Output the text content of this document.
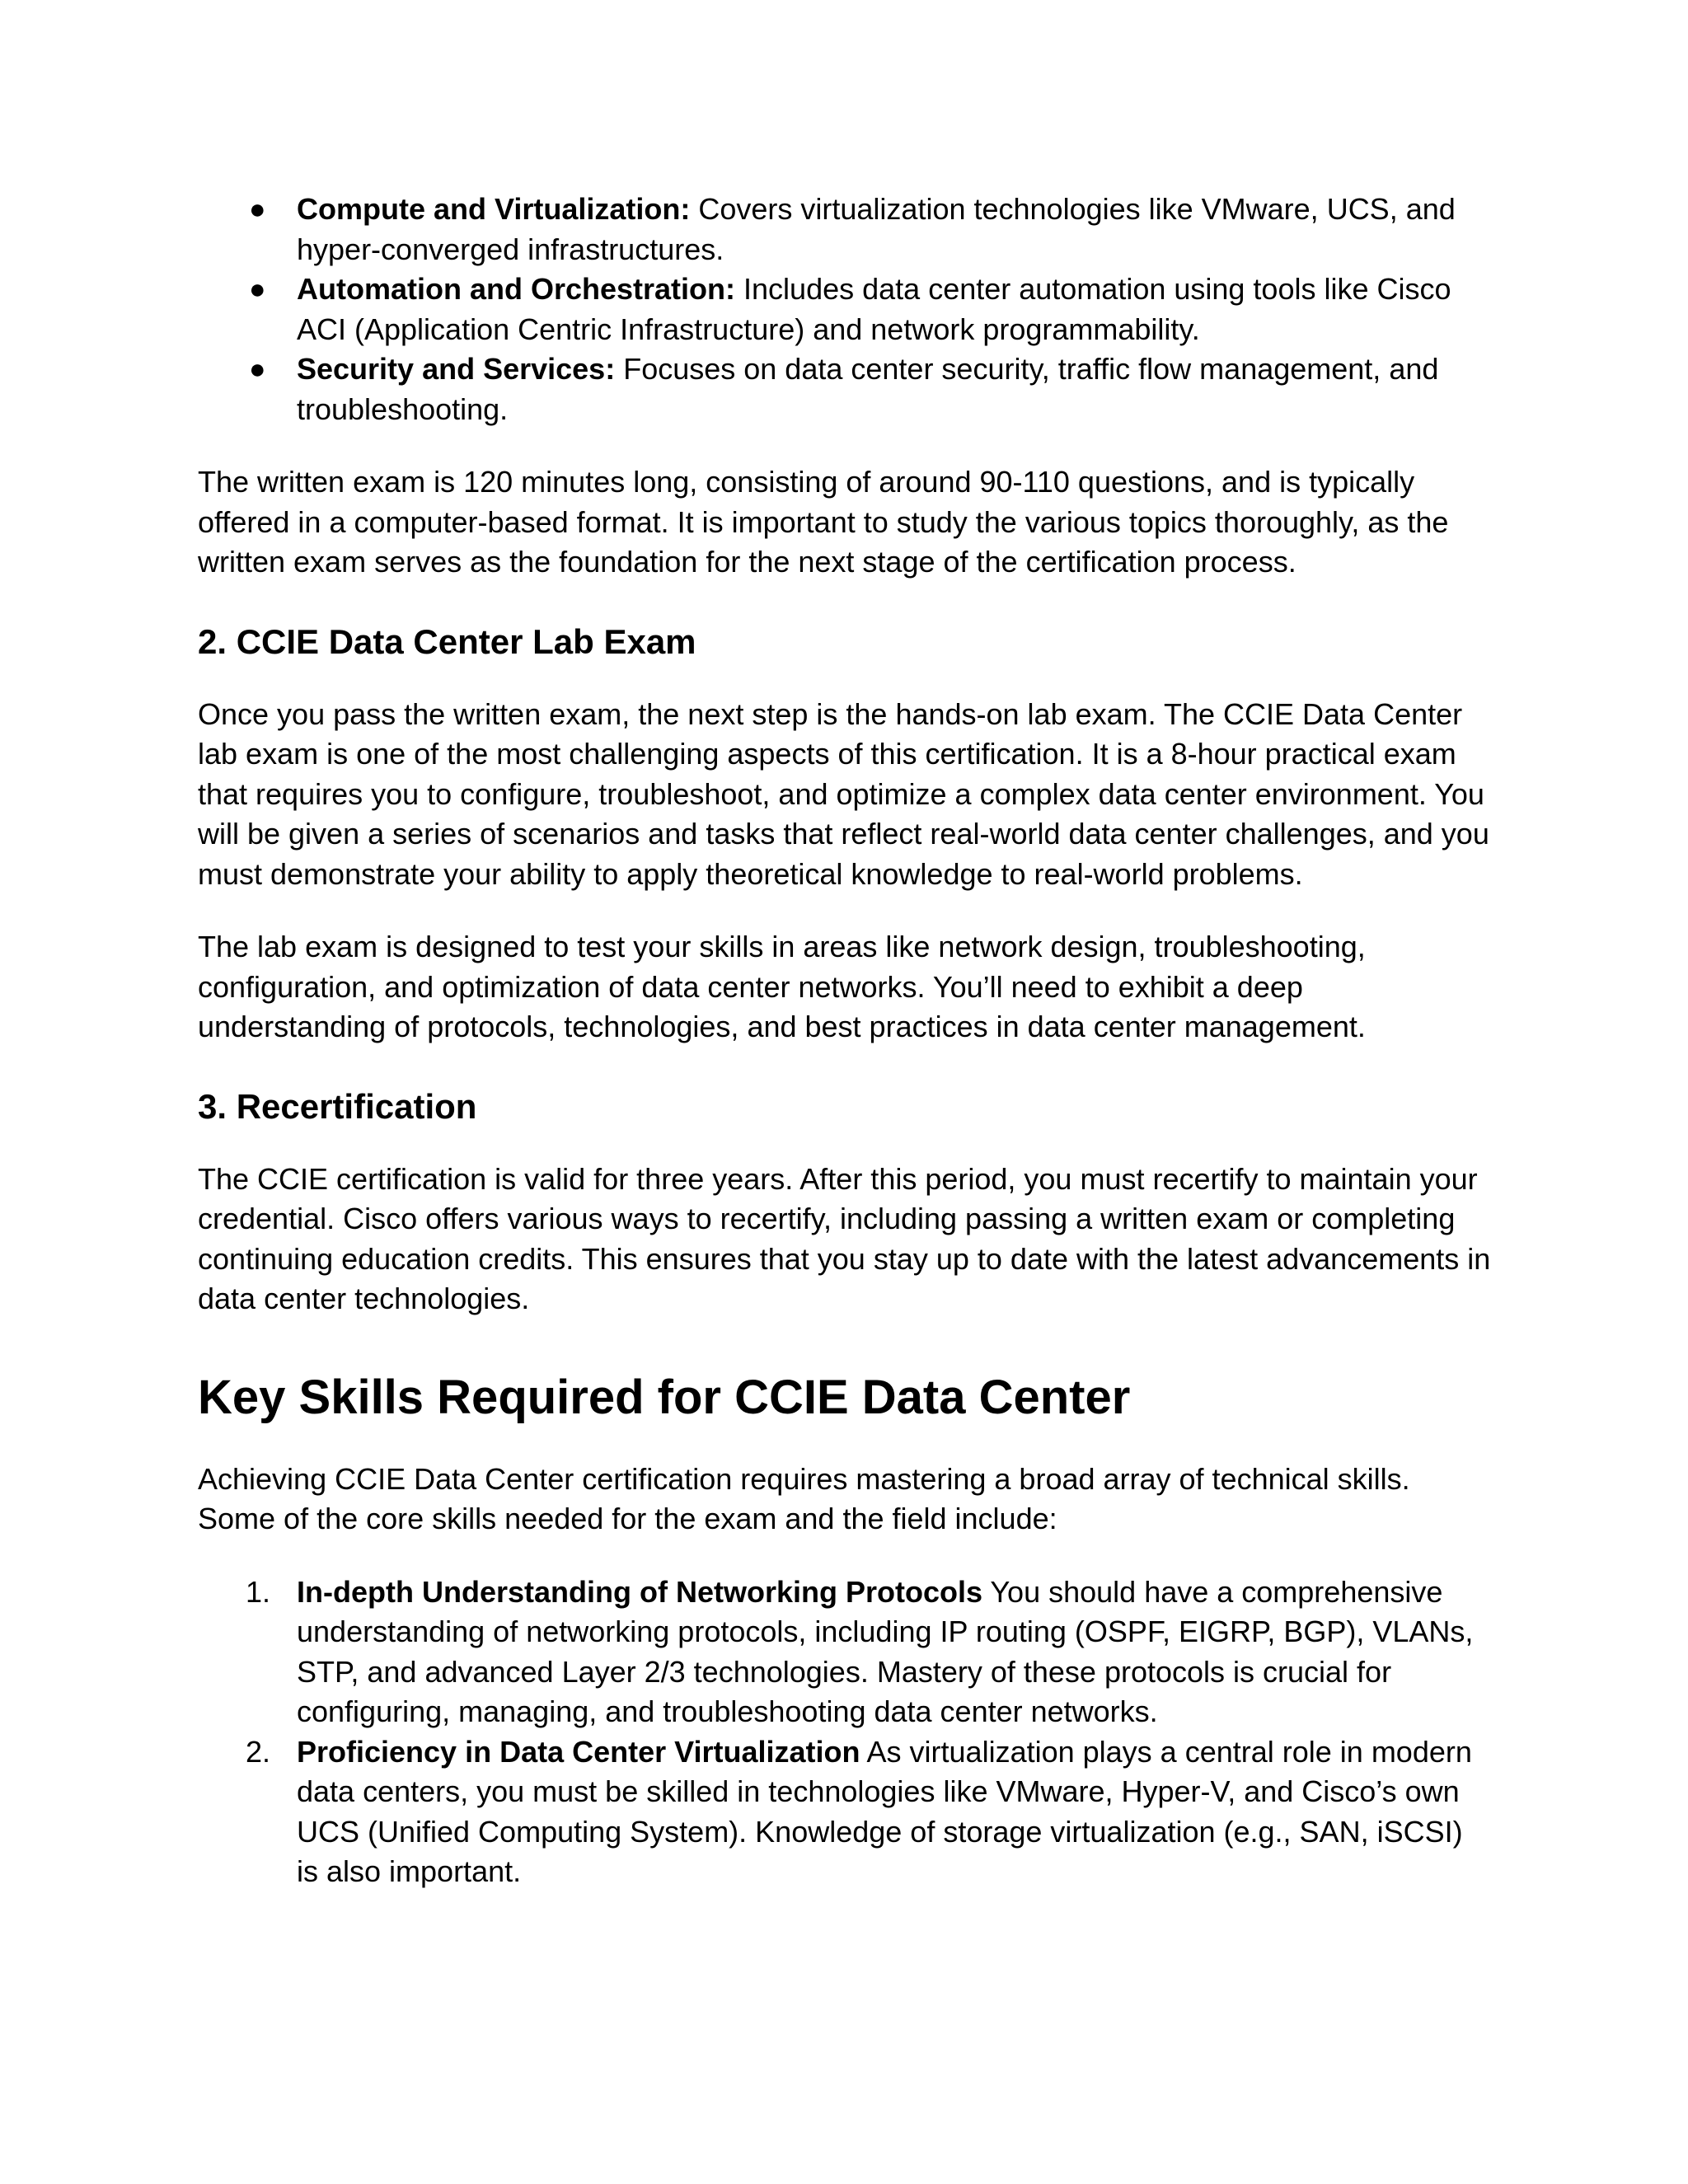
● Compute and Virtualization: Covers virtualization technologies like VMware, UCS, and hyper-converged infrastructures.
● Automation and Orchestration: Includes data center automation using tools like Cisco ACI (Application Centric Infrastructure) and network programmability.
● Security and Services: Focuses on data center security, traffic flow management, and troubleshooting.

The written exam is 120 minutes long, consisting of around 90-110 questions, and is typically offered in a computer-based format. It is important to study the various topics thoroughly, as the written exam serves as the foundation for the next stage of the certification process.

2. CCIE Data Center Lab Exam

Once you pass the written exam, the next step is the hands-on lab exam. The CCIE Data Center lab exam is one of the most challenging aspects of this certification. It is a 8-hour practical exam that requires you to configure, troubleshoot, and optimize a complex data center environment. You will be given a series of scenarios and tasks that reflect real-world data center challenges, and you must demonstrate your ability to apply theoretical knowledge to real-world problems.

The lab exam is designed to test your skills in areas like network design, troubleshooting, configuration, and optimization of data center networks. You’ll need to exhibit a deep understanding of protocols, technologies, and best practices in data center management.

3. Recertification

The CCIE certification is valid for three years. After this period, you must recertify to maintain your credential. Cisco offers various ways to recertify, including passing a written exam or completing continuing education credits. This ensures that you stay up to date with the latest advancements in data center technologies.

Key Skills Required for CCIE Data Center

Achieving CCIE Data Center certification requires mastering a broad array of technical skills. Some of the core skills needed for the exam and the field include:

1. In-depth Understanding of Networking Protocols You should have a comprehensive understanding of networking protocols, including IP routing (OSPF, EIGRP, BGP), VLANs, STP, and advanced Layer 2/3 technologies. Mastery of these protocols is crucial for configuring, managing, and troubleshooting data center networks.
2. Proficiency in Data Center Virtualization As virtualization plays a central role in modern data centers, you must be skilled in technologies like VMware, Hyper-V, and Cisco’s own UCS (Unified Computing System). Knowledge of storage virtualization (e.g., SAN, iSCSI) is also important.
